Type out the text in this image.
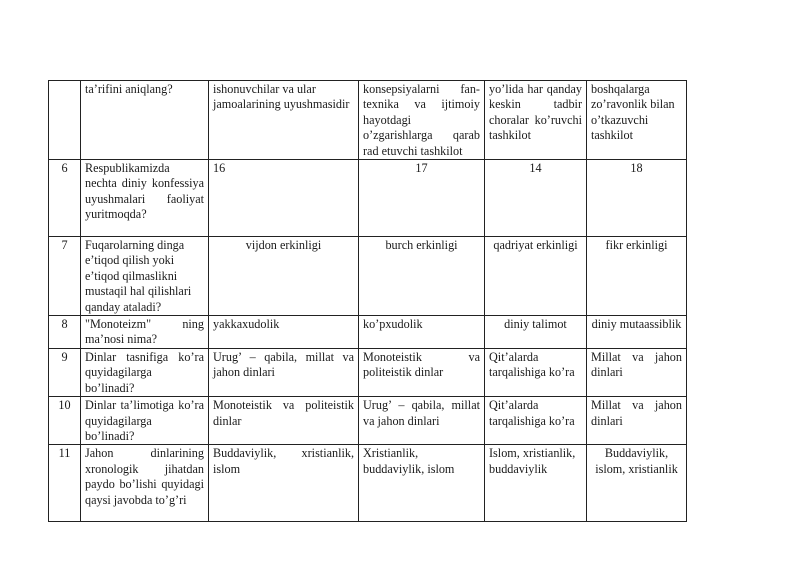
	ta’rifini aniqlang?	ishonuvchilar va ular jamoalarining uyushmasidir	konsepsiyalarni fan-texnika va ijtimoiy hayotdagi o’zgarishlarga qarab rad etuvchi tashkilot	yo’lida har qanday keskin tadbir choralar ko’ruvchi tashkilot	boshqalarga zo’ravonlik bilan o’tkazuvchi tashkilot
6	Respublikamizda nechta diniy konfessiya uyushmalari faoliyat yuritmoqda?	16	17	14	18
7	Fuqarolarning dinga e’tiqod qilish yoki e’tiqod qilmaslikni mustaqil hal qilishlari qanday ataladi?	vijdon erkinligi	burch erkinligi	qadriyat erkinligi	fikr erkinligi
8	"Monoteizm" ning ma’nosi nima?	yakkaxudolik	ko’pxudolik	diniy talimot	diniy mutaassiblik
9	Dinlar tasnifiga ko’ra quyidagilarga bo’linadi?	Urug’ – qabila, millat va jahon dinlari	Monoteistik va politeistik dinlar	Qit’alarda tarqalishiga ko’ra	Millat va jahon dinlari
10	Dinlar ta’limotiga ko’ra quyidagilarga bo’linadi?	Monoteistik va politeistik dinlar	Urug’ – qabila, millat va jahon dinlari	Qit’alarda tarqalishiga ko’ra	Millat va jahon dinlari
11	Jahon dinlarining xronologik jihatdan paydo bo’lishi quyidagi qaysi javobda to’g’ri	Buddaviylik, xristianlik, islom	Xristianlik, buddaviylik, islom	Islom, xristianlik, buddaviylik	Buddaviylik, islom, xristianlik
